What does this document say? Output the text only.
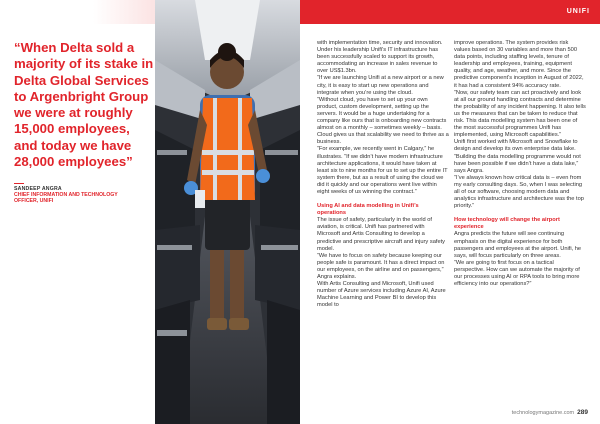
“When Delta sold a majority of its stake in Delta Global Services to Argenbright Group we were at roughly 15,000 employees, and today we have 28,000 employees”
SANDEEP ANGRA
CHIEF INFORMATION AND TECHNOLOGY OFFICER, UNIFI
UNIFI

with implementation time, security and innovation. Under his leadership Unifi's IT infrastructure has been successfully scaled to support its growth, accommodating an increase in sales revenue to over US$1.3bn.

“If we are launching Unifi at a new airport or a new city, it is easy to start up new operations and integrate when you’re using the cloud.

“Without cloud, you have to set up your own product, custom development, setting up the servers. It would be a huge undertaking for a company like ours that is onboarding new contracts almost on a monthly – sometimes weekly – basis. Cloud gives us that scalability we need to thrive as a business.

“For example, we recently went in Calgary,” he illustrates. “If we didn’t have modern infrastructure architecture applications, it would have taken at least six to nine months for us to set up the entire IT system there, but as a result of using the cloud we did it quickly and our operations went live within eight weeks of us winning the contract.”

Using AI and data modelling in Unifi’s operations

The issue of safety, particularly in the world of aviation, is critical. Unifi has partnered with Microsoft and Artis Consulting to develop a predictive and prescriptive aircraft and injury safety model.

“We have to focus on safety because keeping our people safe is paramount. It has a direct impact on our employees, on the airline and on passengers,” Angra explains.

With Artis Consulting and Microsoft, Unifi used number of Azure services including Azure AI, Azure Machine Learning and Power BI to develop this model to

improve operations. The system provides risk values based on 30 variables and more than 500 data points, including staffing levels, tenure of leadership and employees, training, equipment quality, and age, weather, and more. Since the predictive component’s inception in August of 2022, it has had a consistent 94% accuracy rate.

“Now, our safety team can act proactively and look at all our ground handling contracts and determine the probability of any incident happening. It also tells us the measures that can be taken to reduce that risk. This data modelling system has been one of the most successful programmes Unifi has implemented, using Microsoft capabilities.”

Unifi first worked with Microsoft and Snowflake to design and develop its own enterprise data lake. “Building the data modelling programme would not have been possible if we didn’t have a data lake,” says Angra.

“I’ve always known how critical data is – even from my early consulting days. So, when I was selecting all of our software, choosing modern data and analytics infrastructure and architecture was the top priority.”

How technology will change the airport experience

Angra predicts the future will see continuing emphasis on the digital experience for both passengers and employees at the airport. Unifi, he says, will focus particularly on three areas.

“We are going to first focus on a tactical perspective. How can we automate the majority of our processes using AI or RPA tools to bring more efficiency into our operations?”

technologymagazine.com 289
